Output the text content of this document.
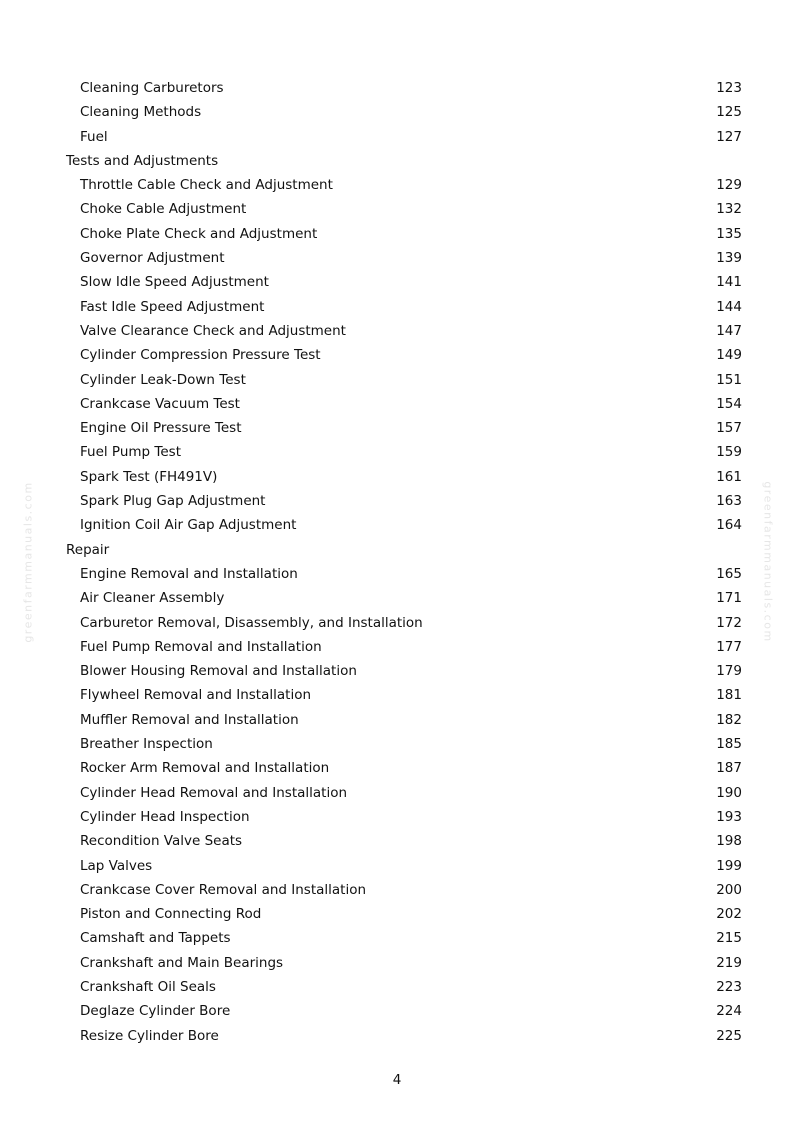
greenfarmmanuals.com	greenfarmmanuals.com
Cleaning Carburetors	123
Cleaning Methods	125
Fuel	127
Tests and Adjustments
Throttle Cable Check and Adjustment	129
Choke Cable Adjustment	132
Choke Plate Check and Adjustment	135
Governor Adjustment	139
Slow Idle Speed Adjustment	141
Fast Idle Speed Adjustment	144
Valve Clearance Check and Adjustment	147
Cylinder Compression Pressure Test	149
Cylinder Leak-Down Test	151
Crankcase Vacuum Test	154
Engine Oil Pressure Test	157
Fuel Pump Test	159
Spark Test (FH491V)	161
Spark Plug Gap Adjustment	163
Ignition Coil Air Gap Adjustment	164
Repair
Engine Removal and Installation	165
Air Cleaner Assembly	171
Carburetor Removal, Disassembly, and Installation	172
Fuel Pump Removal and Installation	177
Blower Housing Removal and Installation	179
Flywheel Removal and Installation	181
Muffler Removal and Installation	182
Breather Inspection	185
Rocker Arm Removal and Installation	187
Cylinder Head Removal and Installation	190
Cylinder Head Inspection	193
Recondition Valve Seats	198
Lap Valves	199
Crankcase Cover Removal and Installation	200
Piston and Connecting Rod	202
Camshaft and Tappets	215
Crankshaft and Main Bearings	219
Crankshaft Oil Seals	223
Deglaze Cylinder Bore	224
Resize Cylinder Bore	225
4
